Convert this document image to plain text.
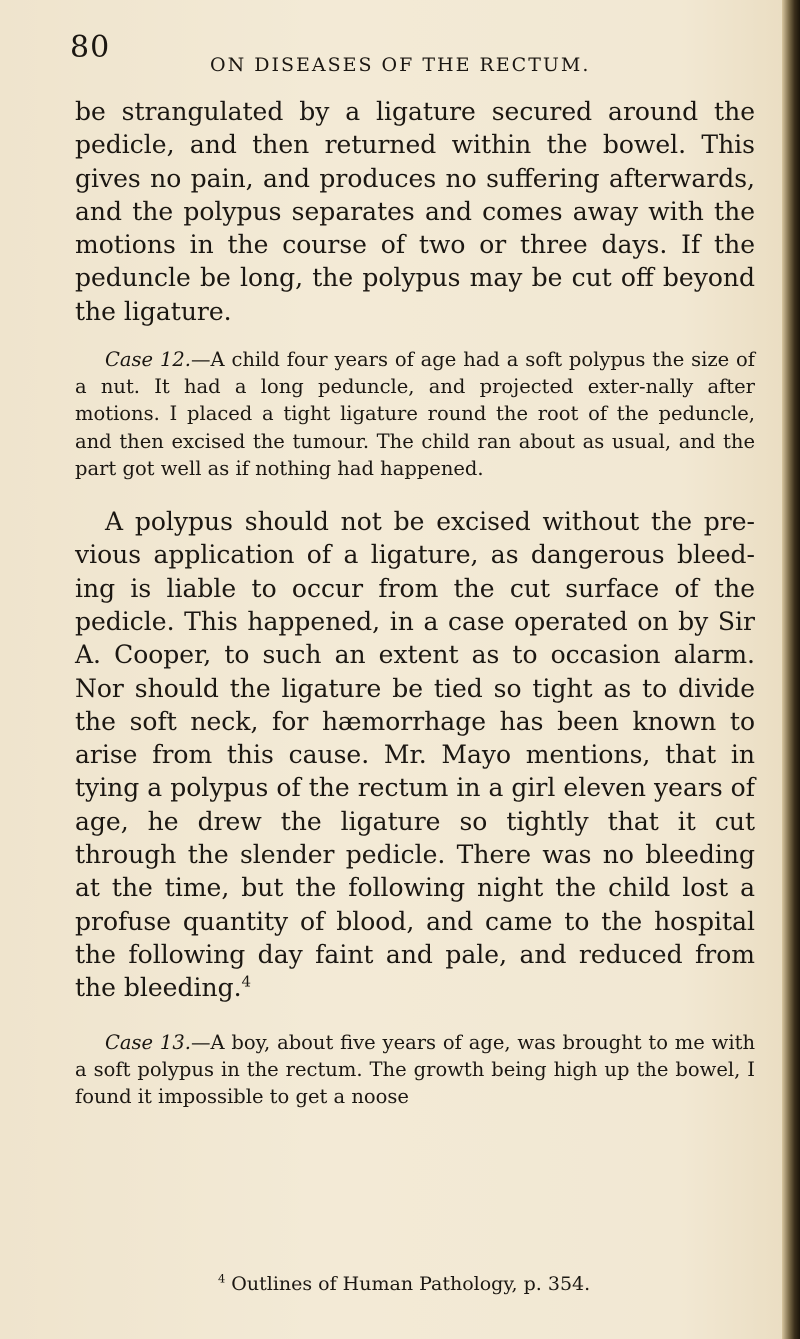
80	ON DISEASES OF THE RECTUM.

be strangulated by a ligature secured around the pedicle, and then returned within the bowel. This gives no pain, and produces no suffering afterwards, and the polypus separates and comes away with the motions in the course of two or three days. If the peduncle be long, the polypus may be cut off beyond the ligature.

Case 12.—A child four years of age had a soft polypus the size of a nut. It had a long peduncle, and projected exter-nally after motions. I placed a tight ligature round the root of the peduncle, and then excised the tumour. The child ran about as usual, and the part got well as if nothing had happened.

A polypus should not be excised without the pre-vious application of a ligature, as dangerous bleed-ing is liable to occur from the cut surface of the pedicle. This happened, in a case operated on by Sir A. Cooper, to such an extent as to occasion alarm. Nor should the ligature be tied so tight as to divide the soft neck, for hæmorrhage has been known to arise from this cause. Mr. Mayo mentions, that in tying a polypus of the rectum in a girl eleven years of age, he drew the ligature so tightly that it cut through the slender pedicle. There was no bleeding at the time, but the following night the child lost a profuse quantity of blood, and came to the hospital the following day faint and pale, and reduced from the bleeding.$^4$

Case 13.—A boy, about five years of age, was brought to me with a soft polypus in the rectum. The growth being high up the bowel, I found it impossible to get a noose

$^4$ Outlines of Human Pathology, p. 354.
